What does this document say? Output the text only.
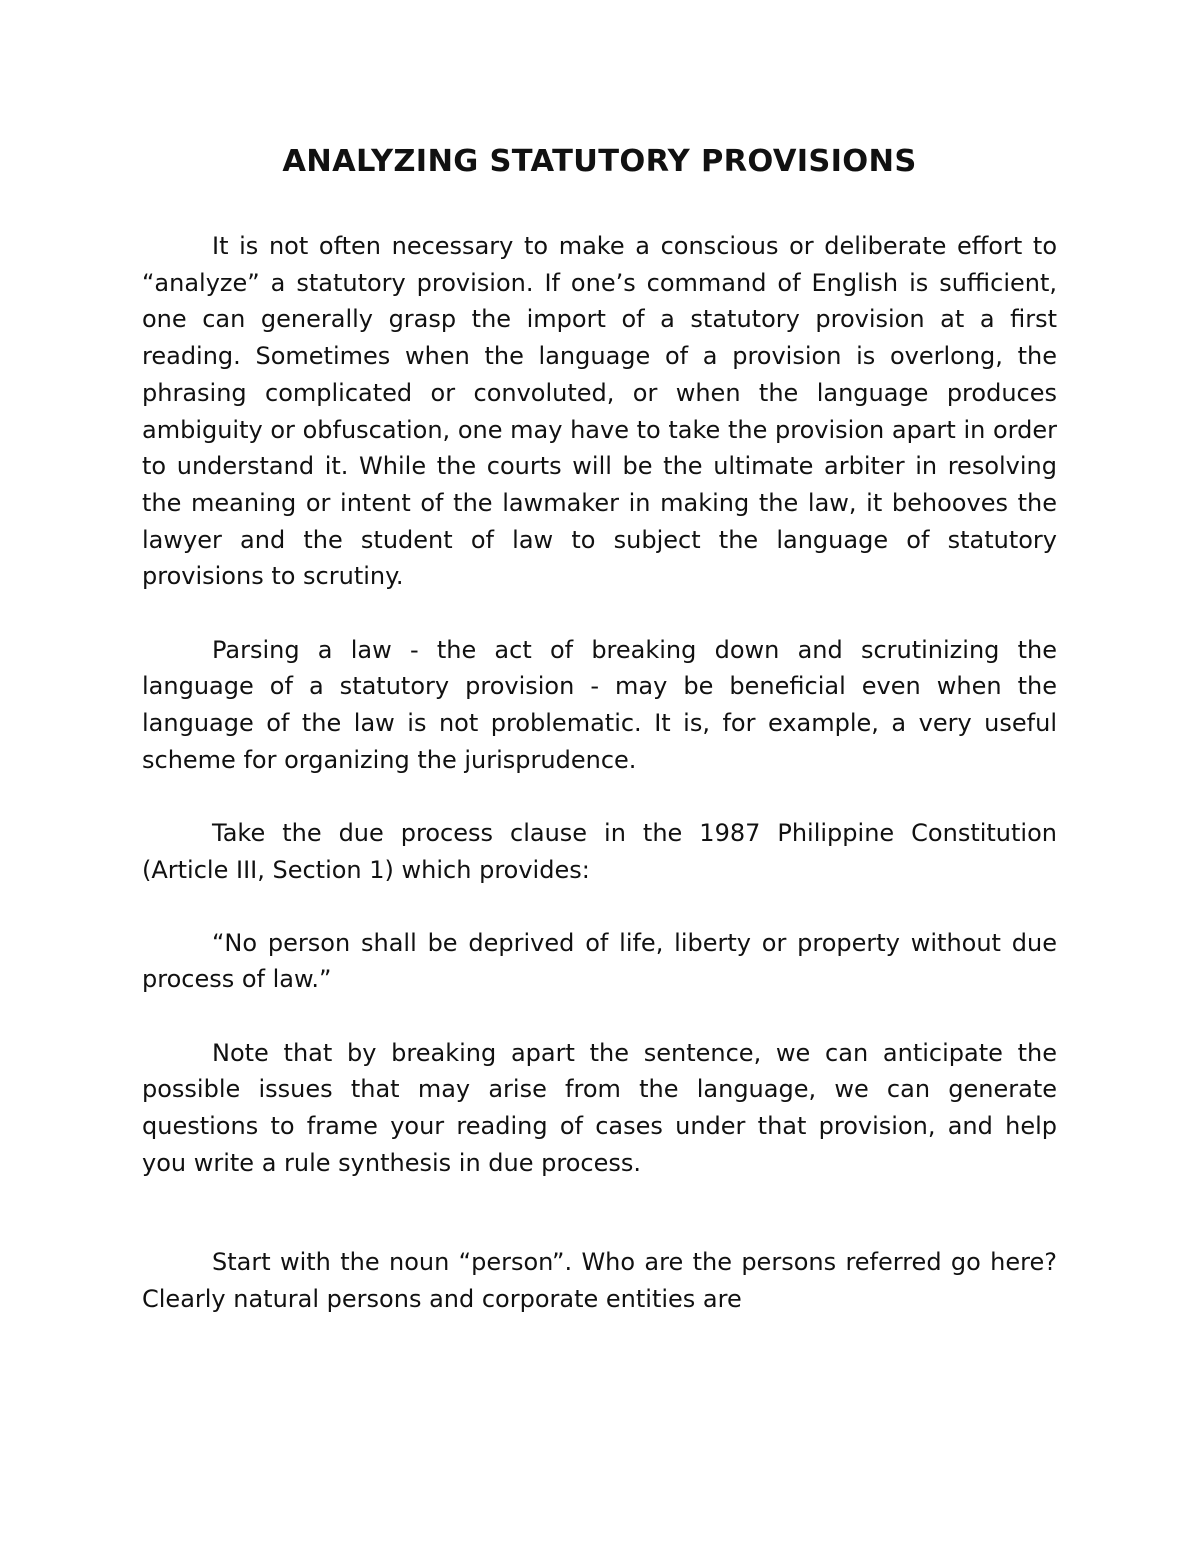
ANALYZING STATUTORY PROVISIONS

It is not often necessary to make a conscious or deliberate effort to “analyze” a statutory provision. If one’s command of English is sufficient, one can generally grasp the import of a statutory provision at a first reading. Sometimes when the language of a provision is overlong, the phrasing complicated or convoluted, or when the language produces ambiguity or obfuscation, one may have to take the provision apart in order to understand it. While the courts will be the ultimate arbiter in resolving the meaning or intent of the lawmaker in making the law, it behooves the lawyer and the student of law to subject the language of statutory provisions to scrutiny.

Parsing a law - the act of breaking down and scrutinizing the language of a statutory provision - may be beneficial even when the language of the law is not problematic. It is, for example, a very useful scheme for organizing the jurisprudence.

Take the due process clause in the 1987 Philippine Constitution (Article III, Section 1) which provides:

“No person shall be deprived of life, liberty or property without due process of law.”

Note that by breaking apart the sentence, we can anticipate the possible issues that may arise from the language, we can generate questions to frame your reading of cases under that provision, and help you write a rule synthesis in due process.

Start with the noun “person”. Who are the persons referred go here? Clearly natural persons and corporate entities are
